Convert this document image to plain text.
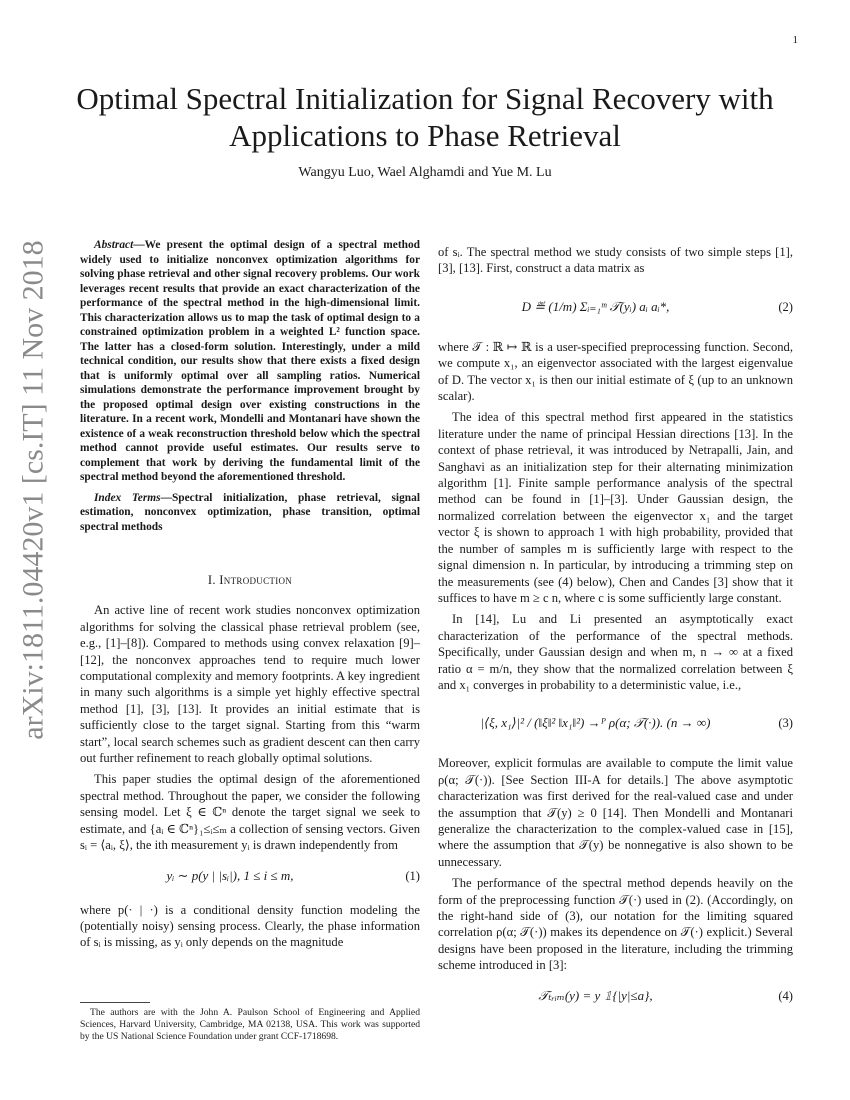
1
arXiv:1811.04420v1 [cs.IT] 11 Nov 2018
Optimal Spectral Initialization for Signal Recovery with Applications to Phase Retrieval
Wangyu Luo, Wael Alghamdi and Yue M. Lu

Abstract—We present the optimal design of a spectral method widely used to initialize nonconvex optimization algorithms for solving phase retrieval and other signal recovery problems. Our work leverages recent results that provide an exact characterization of the performance of the spectral method in the high-dimensional limit. This characterization allows us to map the task of optimal design to a constrained optimization problem in a weighted L² function space. The latter has a closed-form solution. Interestingly, under a mild technical condition, our results show that there exists a fixed design that is uniformly optimal over all sampling ratios. Numerical simulations demonstrate the performance improvement brought by the proposed optimal design over existing constructions in the literature. In a recent work, Mondelli and Montanari have shown the existence of a weak reconstruction threshold below which the spectral method cannot provide useful estimates. Our results serve to complement that work by deriving the fundamental limit of the spectral method beyond the aforementioned threshold.

Index Terms—Spectral initialization, phase retrieval, signal estimation, nonconvex optimization, phase transition, optimal spectral methods

I. Introduction

An active line of recent work studies nonconvex optimization algorithms for solving the classical phase retrieval problem (see, e.g., [1]–[8]). Compared to methods using convex relaxation [9]–[12], the nonconvex approaches tend to require much lower computational complexity and memory footprints. A key ingredient in many such algorithms is a simple yet highly effective spectral method [1], [3], [13]. It provides an initial estimate that is sufficiently close to the target signal. Starting from this “warm start”, local search schemes such as gradient descent can then carry out further refinement to reach globally optimal solutions.

This paper studies the optimal design of the aforementioned spectral method. Throughout the paper, we consider the following sensing model. Let ξ ∈ ℂⁿ denote the target signal we seek to estimate, and {aᵢ ∈ ℂⁿ}₁≤ᵢ≤ₘ a collection of sensing vectors. Given sᵢ = ⟨aᵢ, ξ⟩, the ith measurement yᵢ is drawn independently from

yᵢ ∼ p(y | |sᵢ|), 1 ≤ i ≤ m,	(1)

where p(· | ·) is a conditional density function modeling the (potentially noisy) sensing process. Clearly, the phase information of sᵢ is missing, as yᵢ only depends on the magnitude

The authors are with the John A. Paulson School of Engineering and Applied Sciences, Harvard University, Cambridge, MA 02138, USA. This work was supported by the US National Science Foundation under grant CCF-1718698.

of sᵢ. The spectral method we study consists of two simple steps [1], [3], [13]. First, construct a data matrix as

D ≝ (1/m) Σᵢ₌₁ᵐ 𝒯(yᵢ) aᵢ aᵢ*,	(2)

where 𝒯 : ℝ ↦ ℝ is a user-specified preprocessing function. Second, we compute x₁, an eigenvector associated with the largest eigenvalue of D. The vector x₁ is then our initial estimate of ξ (up to an unknown scalar).

The idea of this spectral method first appeared in the statistics literature under the name of principal Hessian directions [13]. In the context of phase retrieval, it was introduced by Netrapalli, Jain, and Sanghavi as an initialization step for their alternating minimization algorithm [1]. Finite sample performance analysis of the spectral method can be found in [1]–[3]. Under Gaussian design, the normalized correlation between the eigenvector x₁ and the target vector ξ is shown to approach 1 with high probability, provided that the number of samples m is sufficiently large with respect to the signal dimension n. In particular, by introducing a trimming step on the measurements (see (4) below), Chen and Candes [3] show that it suffices to have m ≥ c n, where c is some sufficiently large constant.

In [14], Lu and Li presented an asymptotically exact characterization of the performance of the spectral methods. Specifically, under Gaussian design and when m, n → ∞ at a fixed ratio α = m/n, they show that the normalized correlation between ξ and x₁ converges in probability to a deterministic value, i.e.,

|⟨ξ, x₁⟩|² / (‖ξ‖² ‖x₁‖²) →ᴾ ρ(α; 𝒯(·)). (n → ∞)	(3)

Moreover, explicit formulas are available to compute the limit value ρ(α; 𝒯(·)). [See Section III-A for details.] The above asymptotic characterization was first derived for the real-valued case and under the assumption that 𝒯(y) ≥ 0 [14]. Then Mondelli and Montanari generalize the characterization to the complex-valued case in [15], where the assumption that 𝒯(y) be nonnegative is also shown to be unnecessary.

The performance of the spectral method depends heavily on the form of the preprocessing function 𝒯(·) used in (2). (Accordingly, on the right-hand side of (3), our notation for the limiting squared correlation ρ(α; 𝒯(·)) makes its dependence on 𝒯(·) explicit.) Several designs have been proposed in the literature, including the trimming scheme introduced in [3]:

𝒯ₜᵣᵢₘ(y) = y 𝟙{|y|≤a},	(4)
